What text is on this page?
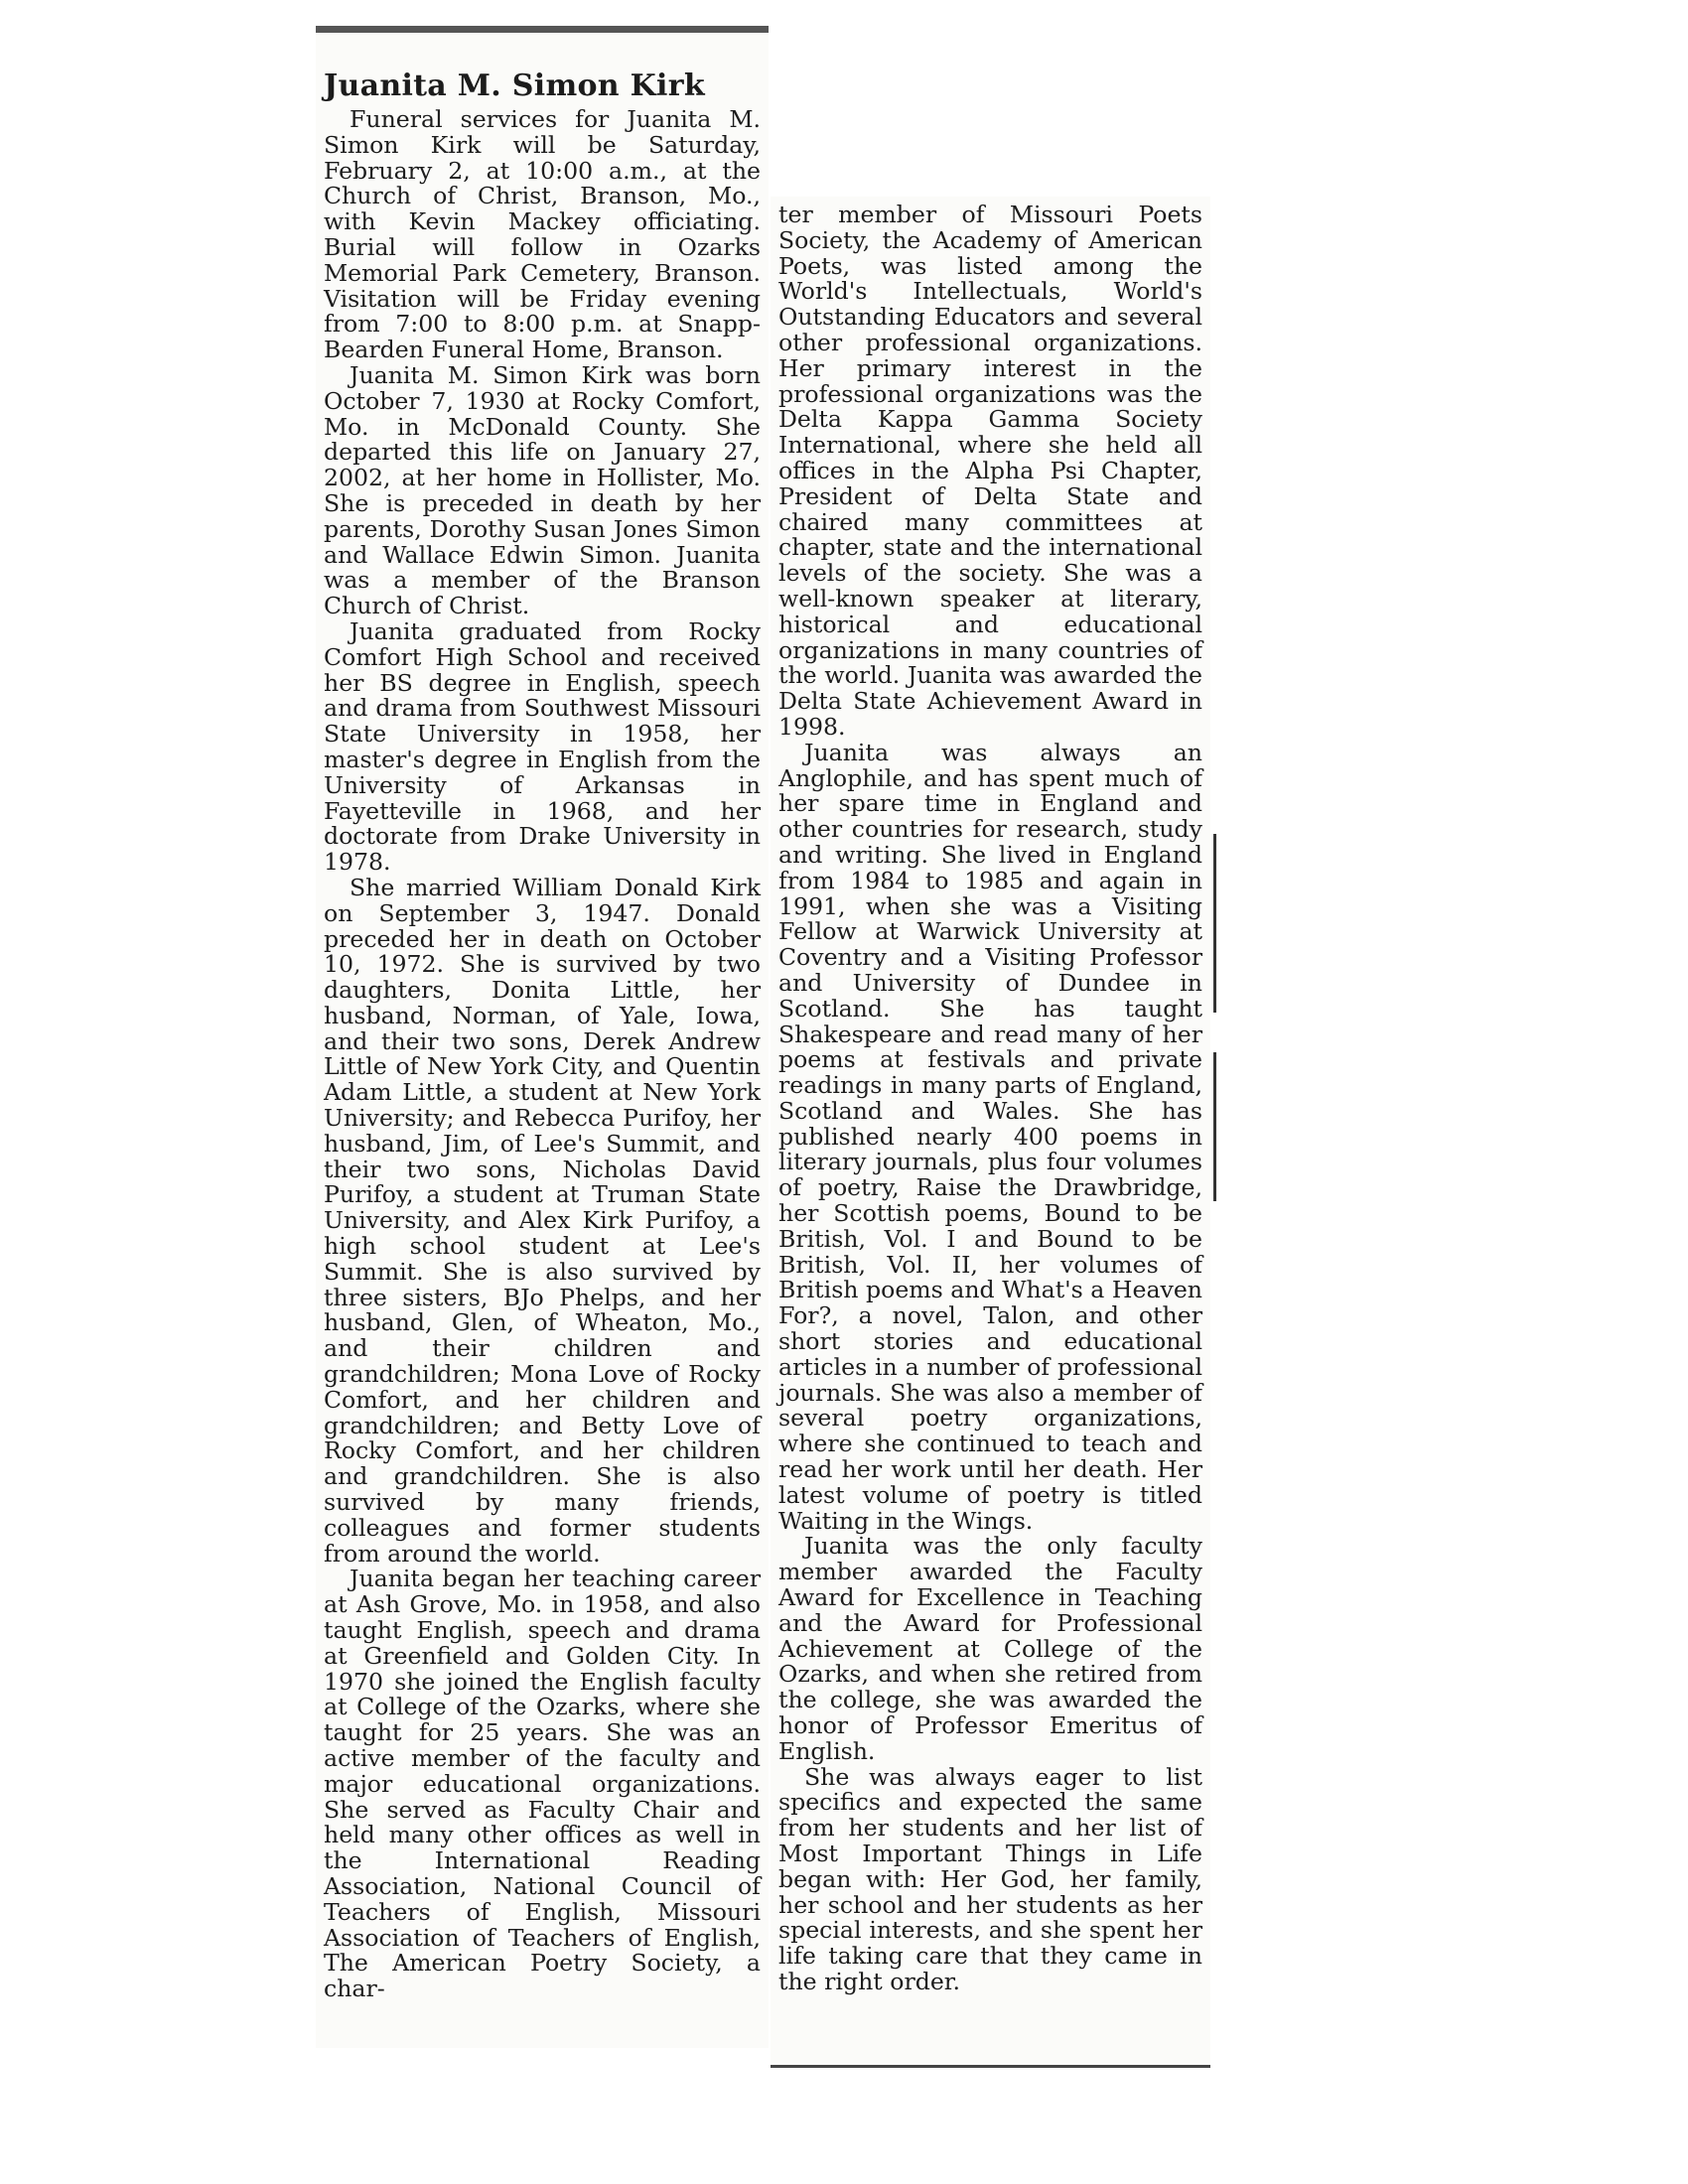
Juanita M. Simon Kirk

Funeral services for Juanita M. Simon Kirk will be Saturday, February 2, at 10:00 a.m., at the Church of Christ, Branson, Mo., with Kevin Mackey officiating. Burial will follow in Ozarks Memorial Park Cemetery, Branson. Visitation will be Friday evening from 7:00 to 8:00 p.m. at Snapp-Bearden Funeral Home, Branson.

Juanita M. Simon Kirk was born October 7, 1930 at Rocky Comfort, Mo. in McDonald County. She departed this life on January 27, 2002, at her home in Hollister, Mo. She is preceded in death by her parents, Dorothy Susan Jones Simon and Wallace Edwin Simon. Juanita was a member of the Branson Church of Christ.

Juanita graduated from Rocky Comfort High School and received her BS degree in English, speech and drama from Southwest Missouri State University in 1958, her master's degree in English from the University of Arkansas in Fayetteville in 1968, and her doctorate from Drake University in 1978.

She married William Donald Kirk on September 3, 1947. Donald preceded her in death on October 10, 1972. She is survived by two daughters, Donita Little, her husband, Norman, of Yale, Iowa, and their two sons, Derek Andrew Little of New York City, and Quentin Adam Little, a student at New York University; and Rebecca Purifoy, her husband, Jim, of Lee's Summit, and their two sons, Nicholas David Purifoy, a student at Truman State University, and Alex Kirk Purifoy, a high school student at Lee's Summit. She is also survived by three sisters, BJo Phelps, and her husband, Glen, of Wheaton, Mo., and their children and grandchildren; Mona Love of Rocky Comfort, and her children and grandchildren; and Betty Love of Rocky Comfort, and her children and grandchildren. She is also survived by many friends, colleagues and former students from around the world.

Juanita began her teaching career at Ash Grove, Mo. in 1958, and also taught English, speech and drama at Greenfield and Golden City. In 1970 she joined the English faculty at College of the Ozarks, where she taught for 25 years. She was an active member of the faculty and major educational organizations. She served as Faculty Chair and held many other offices as well in the International Reading Association, National Council of Teachers of English, Missouri Association of Teachers of English, The American Poetry Society, a char-

ter member of Missouri Poets Society, the Academy of American Poets, was listed among the World's Intellectuals, World's Outstanding Educators and several other professional organizations. Her primary interest in the professional organizations was the Delta Kappa Gamma Society International, where she held all offices in the Alpha Psi Chapter, President of Delta State and chaired many committees at chapter, state and the international levels of the society. She was a well-known speaker at literary, historical and educational organizations in many countries of the world. Juanita was awarded the Delta State Achievement Award in 1998.

Juanita was always an Anglophile, and has spent much of her spare time in England and other countries for research, study and writing. She lived in England from 1984 to 1985 and again in 1991, when she was a Visiting Fellow at Warwick University at Coventry and a Visiting Professor and University of Dundee in Scotland. She has taught Shakespeare and read many of her poems at festivals and private readings in many parts of England, Scotland and Wales. She has published nearly 400 poems in literary journals, plus four volumes of poetry, Raise the Drawbridge, her Scottish poems, Bound to be British, Vol. I and Bound to be British, Vol. II, her volumes of British poems and What's a Heaven For?, a novel, Talon, and other short stories and educational articles in a number of professional journals. She was also a member of several poetry organizations, where she continued to teach and read her work until her death. Her latest volume of poetry is titled Waiting in the Wings.

Juanita was the only faculty member awarded the Faculty Award for Excellence in Teaching and the Award for Professional Achievement at College of the Ozarks, and when she retired from the college, she was awarded the honor of Professor Emeritus of English.

She was always eager to list specifics and expected the same from her students and her list of Most Important Things in Life began with: Her God, her family, her school and her students as her special interests, and she spent her life taking care that they came in the right order.
